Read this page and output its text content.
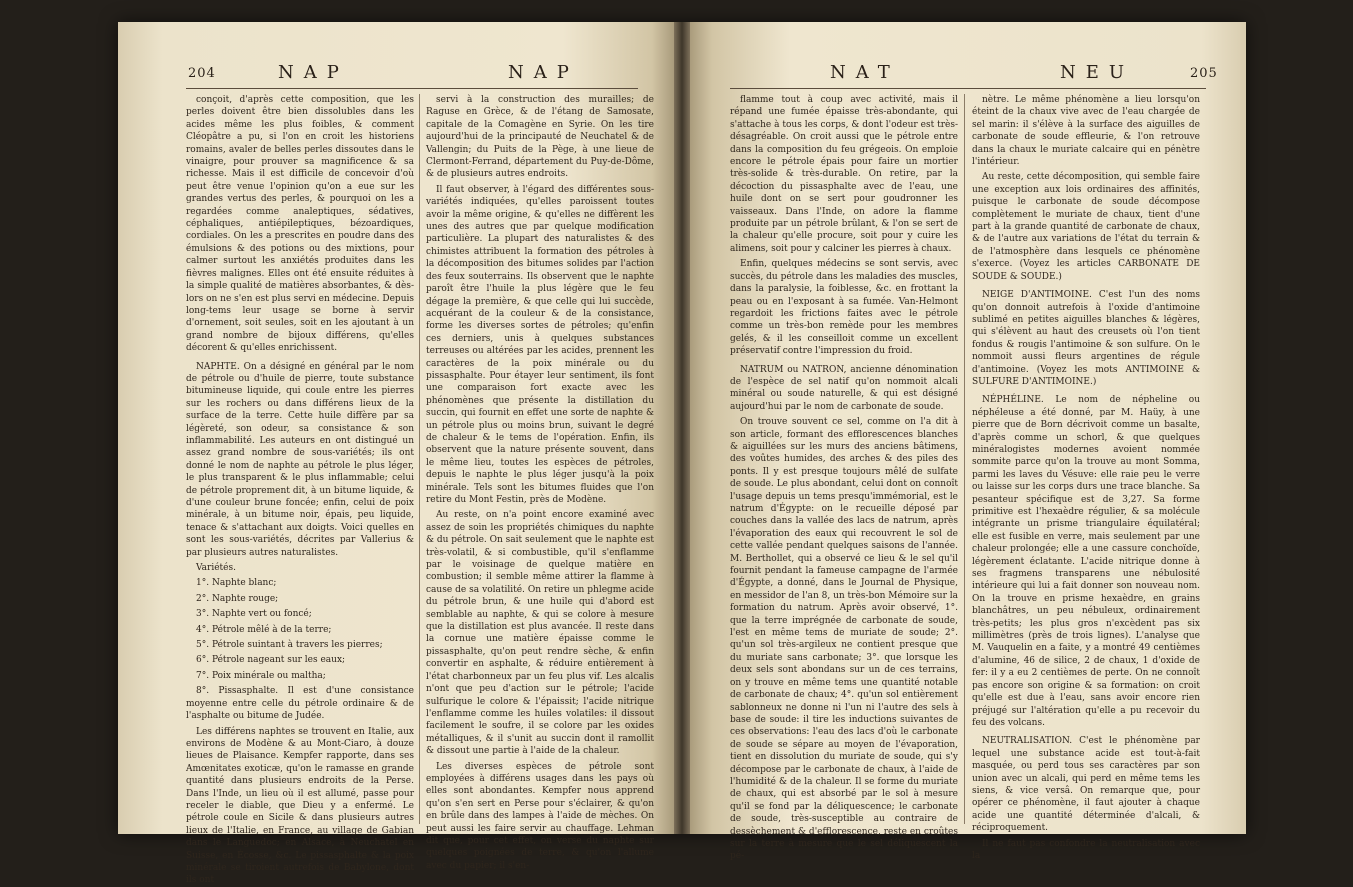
204	NAP	NAP

conçoit, d'après cette composition, que les perles doivent être bien dissolubles dans les acides même les plus foibles, & comment Cléopâtre a pu, si l'on en croit les historiens romains, avaler de belles perles dissoutes dans le vinaigre, pour prouver sa magnificence & sa richesse. Mais il est difficile de concevoir d'où peut être venue l'opinion qu'on a eue sur les grandes vertus des perles, & pourquoi on les a regardées comme analeptiques, sédatives, céphaliques, antiépileptiques, bézoardiques, cordiales. On les a prescrites en poudre dans des émulsions & des potions ou des mixtions, pour calmer surtout les anxiétés produites dans les fièvres malignes. Elles ont été ensuite réduites à la simple qualité de matières absorbantes, & dès-lors on ne s'en est plus servi en médecine. Depuis long-tems leur usage se borne à servir d'ornement, soit seules, soit en les ajoutant à un grand nombre de bijoux différens, qu'elles décorent & qu'elles enrichissent.

NAPHTE. On a désigné en général par le nom de pétrole ou d'huile de pierre, toute substance bitumineuse liquide, qui coule entre les pierres sur les rochers ou dans différens lieux de la surface de la terre. Cette huile diffère par sa légèreté, son odeur, sa consistance & son inflammabilité. Les auteurs en ont distingué un assez grand nombre de sous-variétés; ils ont donné le nom de naphte au pétrole le plus léger, le plus transparent & le plus inflammable; celui de pétrole proprement dit, à un bitume liquide, & d'une couleur brune foncée; enfin, celui de poix minérale, à un bitume noir, épais, peu liquide, tenace & s'attachant aux doigts. Voici quelles en sont les sous-variétés, décrites par Vallerius & par plusieurs autres naturalistes.

Variétés.

1°. Naphte blanc;

2°. Naphte rouge;

3°. Naphte vert ou foncé;

4°. Pétrole mêlé à de la terre;

5°. Pétrole suintant à travers les pierres;

6°. Pétrole nageant sur les eaux;

7°. Poix minérale ou maltha;

8°. Pissasphalte. Il est d'une consistance moyenne entre celle du pétrole ordinaire & de l'asphalte ou bitume de Judée.

Les différens naphtes se trouvent en Italie, aux environs de Modène & au Mont-Ciaro, à douze lieues de Plaisance. Kempfer rapporte, dans ses Amœnitates exoticæ, qu'on le ramasse en grande quantité dans plusieurs endroits de la Perse. Dans l'Inde, un lieu où il est allumé, passe pour receler le diable, que Dieu y a enfermé. Le pétrole coule en Sicile & dans plusieurs autres lieux de l'Italie, en France, au village de Gabian dans le Languedoc; en Alsace, à Neuchatel en Suisse, en Écosse, &c. Le pissasphalte & la poix minérale se tiroient autrefois de Babylone, dont ils ont

servi à la construction des murailles; de Raguse en Grèce, & de l'étang de Samosate, capitale de la Comagène en Syrie. On les tire aujourd'hui de la principauté de Neuchatel & de Vallengin; du Puits de la Pège, à une lieue de Clermont-Ferrand, département du Puy-de-Dôme, & de plusieurs autres endroits.

Il faut observer, à l'égard des différentes sous-variétés indiquées, qu'elles paroissent toutes avoir la même origine, & qu'elles ne diffèrent les unes des autres que par quelque modification particulière. La plupart des naturalistes & des chimistes attribuent la formation des pétroles à la décomposition des bitumes solides par l'action des feux souterrains. Ils observent que le naphte paroît être l'huile la plus légère que le feu dégage la première, & que celle qui lui succède, acquérant de la couleur & de la consistance, forme les diverses sortes de pétroles; qu'enfin ces derniers, unis à quelques substances terreuses ou altérées par les acides, prennent les caractères de la poix minérale ou du pissasphalte. Pour étayer leur sentiment, ils font une comparaison fort exacte avec les phénomènes que présente la distillation du succin, qui fournit en effet une sorte de naphte & un pétrole plus ou moins brun, suivant le degré de chaleur & le tems de l'opération. Enfin, ils observent que la nature présente souvent, dans le même lieu, toutes les espèces de pétroles, depuis le naphte le plus léger jusqu'à la poix minérale. Tels sont les bitumes fluides que l'on retire du Mont Festin, près de Modène.

Au reste, on n'a point encore examiné avec assez de soin les propriétés chimiques du naphte & du pétrole. On sait seulement que le naphte est très-volatil, & si combustible, qu'il s'enflamme par le voisinage de quelque matière en combustion; il semble même attirer la flamme à cause de sa volatilité. On retire un phlegme acide du pétrole brun, & une huile qui d'abord est semblable au naphte, & qui se colore à mesure que la distillation est plus avancée. Il reste dans la cornue une matière épaisse comme le pissasphalte, qu'on peut rendre sèche, & enfin convertir en asphalte, & réduire entièrement à l'état charbonneux par un feu plus vif. Les alcalis n'ont que peu d'action sur le pétrole; l'acide sulfurique le colore & l'épaissit; l'acide nitrique l'enflamme comme les huiles volatiles: il dissout facilement le soufre, il se colore par les oxides métalliques, & il s'unit au succin dont il ramollit & dissout une partie à l'aide de la chaleur.

Les diverses espèces de pétrole sont employées à différens usages dans les pays où elles sont abondantes. Kempfer nous apprend qu'on s'en sert en Perse pour s'éclairer, & qu'on en brûle dans des lampes à l'aide de mèches. On peut aussi les faire servir au chauffage. Lehman dit que, pour cet effet, on verse du naphte sur quelques poignées de terre, & qu'on l'allume avec du papier; il s'en-

NAT	NEU	205

flamme tout à coup avec activité, mais il répand une fumée épaisse très-abondante, qui s'attache à tous les corps, & dont l'odeur est très-désagréable. On croit aussi que le pétrole entre dans la composition du feu grégeois. On emploie encore le pétrole épais pour faire un mortier très-solide & très-durable. On retire, par la décoction du pissasphalte avec de l'eau, une huile dont on se sert pour goudronner les vaisseaux. Dans l'Inde, on adore la flamme produite par un pétrole brûlant, & l'on se sert de la chaleur qu'elle procure, soit pour y cuire les alimens, soit pour y calciner les pierres à chaux.

Enfin, quelques médecins se sont servis, avec succès, du pétrole dans les maladies des muscles, dans la paralysie, la foiblesse, &c. en frottant la peau ou en l'exposant à sa fumée. Van-Helmont regardoit les frictions faites avec le pétrole comme un très-bon remède pour les membres gelés, & il les conseilloit comme un excellent préservatif contre l'impression du froid.

NATRUM ou NATRON, ancienne dénomination de l'espèce de sel natif qu'on nommoit alcali minéral ou soude naturelle, & qui est désigné aujourd'hui par le nom de carbonate de soude.

On trouve souvent ce sel, comme on l'a dit à son article, formant des efflorescences blanches & aiguillées sur les murs des anciens bâtimens, des voûtes humides, des arches & des piles des ponts. Il y est presque toujours mêlé de sulfate de soude. Le plus abondant, celui dont on connoît l'usage depuis un tems presqu'immémorial, est le natrum d'Égypte: on le recueille déposé par couches dans la vallée des lacs de natrum, après l'évaporation des eaux qui recouvrent le sol de cette vallée pendant quelques saisons de l'année. M. Berthollet, qui a observé ce lieu & le sel qu'il fournit pendant la fameuse campagne de l'armée d'Égypte, a donné, dans le Journal de Physique, en messidor de l'an 8, un très-bon Mémoire sur la formation du natrum. Après avoir observé, 1°. que la terre imprégnée de carbonate de soude, l'est en même tems de muriate de soude; 2°. qu'un sol très-argileux ne contient presque que du muriate sans carbonate; 3°. que lorsque les deux sels sont abondans sur un de ces terrains, on y trouve en même tems une quantité notable de carbonate de chaux; 4°. qu'un sol entièrement sablonneux ne donne ni l'un ni l'autre des sels à base de soude: il tire les inductions suivantes de ces observations: l'eau des lacs d'où le carbonate de soude se sépare au moyen de l'évaporation, tient en dissolution du muriate de soude, qui s'y décompose par le carbonate de chaux, à l'aide de l'humidité & de la chaleur. Il se forme du muriate de chaux, qui est absorbé par le sol à mesure qu'il se fond par la déliquescence; le carbonate de soude, très-susceptible au contraire de dessèchement & d'efflorescence, reste en croûtes sur la terre à mesure que le sel déliquescent la pé-

nètre. Le même phénomène a lieu lorsqu'on éteint de la chaux vive avec de l'eau chargée de sel marin: il s'élève à la surface des aiguilles de carbonate de soude effleurie, & l'on retrouve dans la chaux le muriate calcaire qui en pénètre l'intérieur.

Au reste, cette décomposition, qui semble faire une exception aux lois ordinaires des affinités, puisque le carbonate de soude décompose complètement le muriate de chaux, tient d'une part à la grande quantité de carbonate de chaux, & de l'autre aux variations de l'état du terrain & de l'atmosphère dans lesquels ce phénomène s'exerce. (Voyez les articles CARBONATE DE SOUDE & SOUDE.)

NEIGE D'ANTIMOINE. C'est l'un des noms qu'on donnoit autrefois à l'oxide d'antimoine sublimé en petites aiguilles blanches & légères, qui s'élèvent au haut des creusets où l'on tient fondus & rougis l'antimoine & son sulfure. On le nommoit aussi fleurs argentines de régule d'antimoine. (Voyez les mots ANTIMOINE & SULFURE D'ANTIMOINE.)

NÉPHÉLINE. Le nom de népheline ou néphéleuse a été donné, par M. Haüy, à une pierre que de Born décrivoit comme un basalte, d'après comme un schorl, & que quelques minéralogistes modernes avoient nommée sommite parce qu'on la trouve au mont Somma, parmi les laves du Vésuve: elle raie peu le verre ou laisse sur les corps durs une trace blanche. Sa pesanteur spécifique est de 3,27. Sa forme primitive est l'hexaèdre régulier, & sa molécule intégrante un prisme triangulaire équilatéral; elle est fusible en verre, mais seulement par une chaleur prolongée; elle a une cassure conchoïde, légèrement éclatante. L'acide nitrique donne à ses fragmens transparens une nébulosité intérieure qui lui a fait donner son nouveau nom. On la trouve en prisme hexaèdre, en grains blanchâtres, un peu nébuleux, ordinairement très-petits; les plus gros n'excèdent pas six millimètres (près de trois lignes). L'analyse que M. Vauquelin en a faite, y a montré 49 centièmes d'alumine, 46 de silice, 2 de chaux, 1 d'oxide de fer: il y a eu 2 centièmes de perte. On ne connoît pas encore son origine & sa formation: on croit qu'elle est due à l'eau, sans avoir encore rien préjugé sur l'altération qu'elle a pu recevoir du feu des volcans.

NEUTRALISATION. C'est le phénomène par lequel une substance acide est tout-à-fait masquée, ou perd tous ses caractères par son union avec un alcali, qui perd en même tems les siens, & vice versâ. On remarque que, pour opérer ce phénomène, il faut ajouter à chaque acide une quantité déterminée d'alcali, & réciproquement.

Il ne faut pas confondre la neutralisation avec la
